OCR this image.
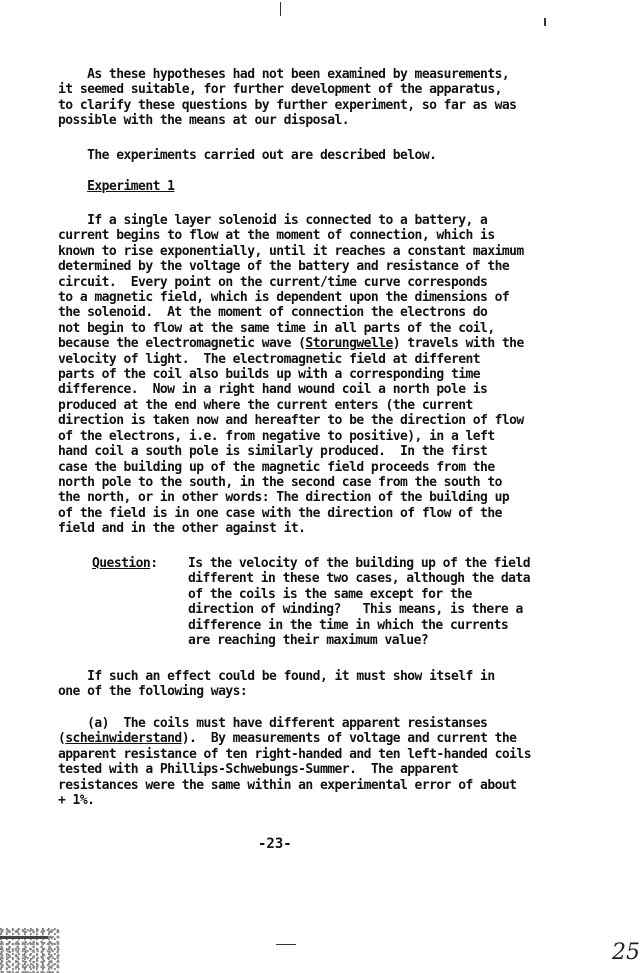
As these hypotheses had not been examined by measurements,
it seemed suitable, for further development of the apparatus,
to clarify these questions by further experiment, so far as was
possible with the means at our disposal.
The experiments carried out are described below.
Experiment 1
If a single layer solenoid is connected to a battery, a
current begins to flow at the moment of connection, which is
known to rise exponentially, until it reaches a constant maximum
determined by the voltage of the battery and resistance of the
circuit.  Every point on the current/time curve corresponds
to a magnetic field, which is dependent upon the dimensions of
the solenoid.  At the moment of connection the electrons do
not begin to flow at the same time in all parts of the coil,
because the electromagnetic wave (Storungwelle) travels with the
velocity of light.  The electromagnetic field at different
parts of the coil also builds up with a corresponding time
difference.  Now in a right hand wound coil a north pole is
produced at the end where the current enters (the current
direction is taken now and hereafter to be the direction of flow
of the electrons, i.e. from negative to positive), in a left
hand coil a south pole is similarly produced.  In the first
case the building up of the magnetic field proceeds from the
north pole to the south, in the second case from the south to
the north, or in other words: The direction of the building up
of the field is in one case with the direction of flow of the
field and in the other against it.
Question:	Is the velocity of the building up of the field
different in these two cases, although the data
of the coils is the same except for the
direction of winding?   This means, is there a
difference in the time in which the currents
are reaching their maximum value?
If such an effect could be found, it must show itself in
one of the following ways:
(a)  The coils must have different apparent resistanses
(scheinwiderstand).  By measurements of voltage and current the
apparent resistance of ten right-handed and ten left-handed coils
tested with a Phillips-Schwebungs-Summer.  The apparent
resistances were the same within an experimental error of about
+ 1%.
-23-
25
